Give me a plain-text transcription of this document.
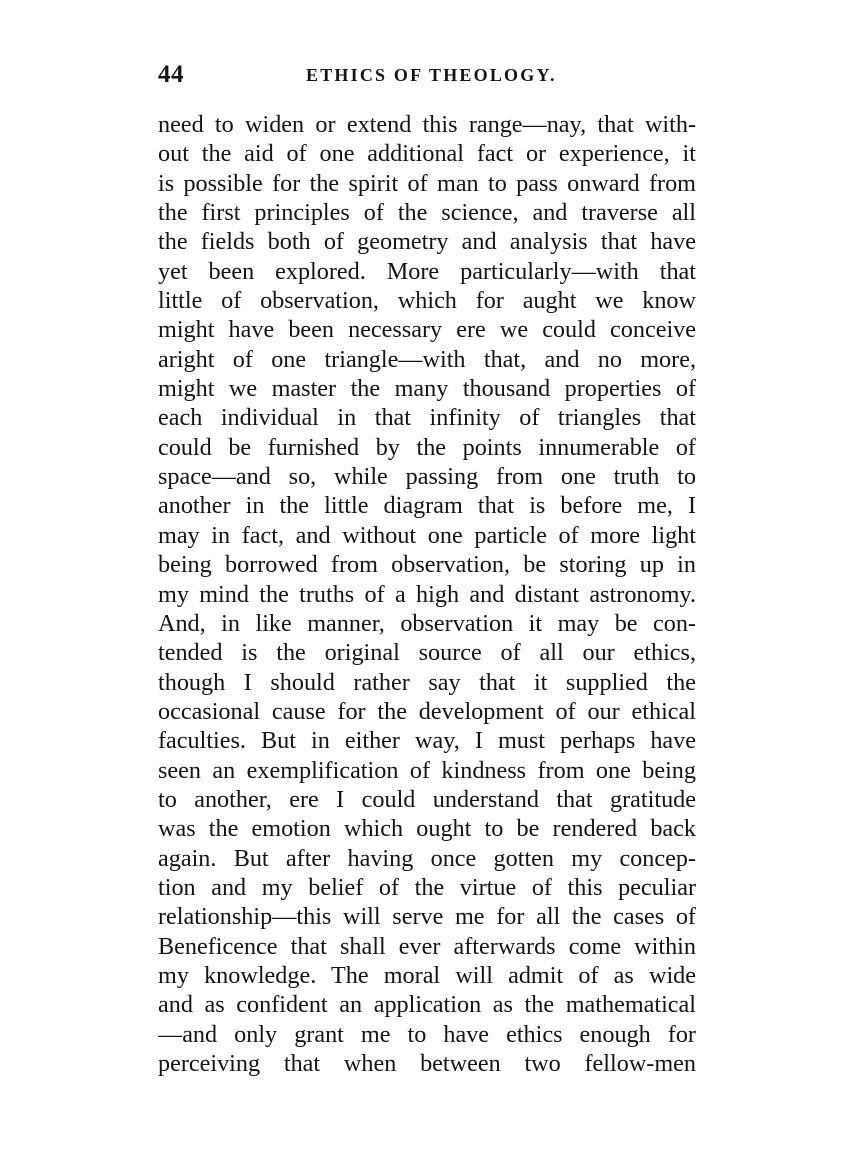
44	ETHICS OF THEOLOGY.
need to widen or extend this range—nay, that with-
out the aid of one additional fact or experience, it
is possible for the spirit of man to pass onward from
the first principles of the science, and traverse all
the fields both of geometry and analysis that have
yet been explored. More particularly—with that
little of observation, which for aught we know
might have been necessary ere we could conceive
aright of one triangle—with that, and no more,
might we master the many thousand properties of
each individual in that infinity of triangles that
could be furnished by the points innumerable of
space—and so, while passing from one truth to
another in the little diagram that is before me, I
may in fact, and without one particle of more light
being borrowed from observation, be storing up in
my mind the truths of a high and distant astronomy.
And, in like manner, observation it may be con-
tended is the original source of all our ethics,
though I should rather say that it supplied the
occasional cause for the development of our ethical
faculties. But in either way, I must perhaps have
seen an exemplification of kindness from one being
to another, ere I could understand that gratitude
was the emotion which ought to be rendered back
again. But after having once gotten my concep-
tion and my belief of the virtue of this peculiar
relationship—this will serve me for all the cases of
Beneficence that shall ever afterwards come within
my knowledge. The moral will admit of as wide
and as confident an application as the mathematical
—and only grant me to have ethics enough for
perceiving that when between two fellow-men
